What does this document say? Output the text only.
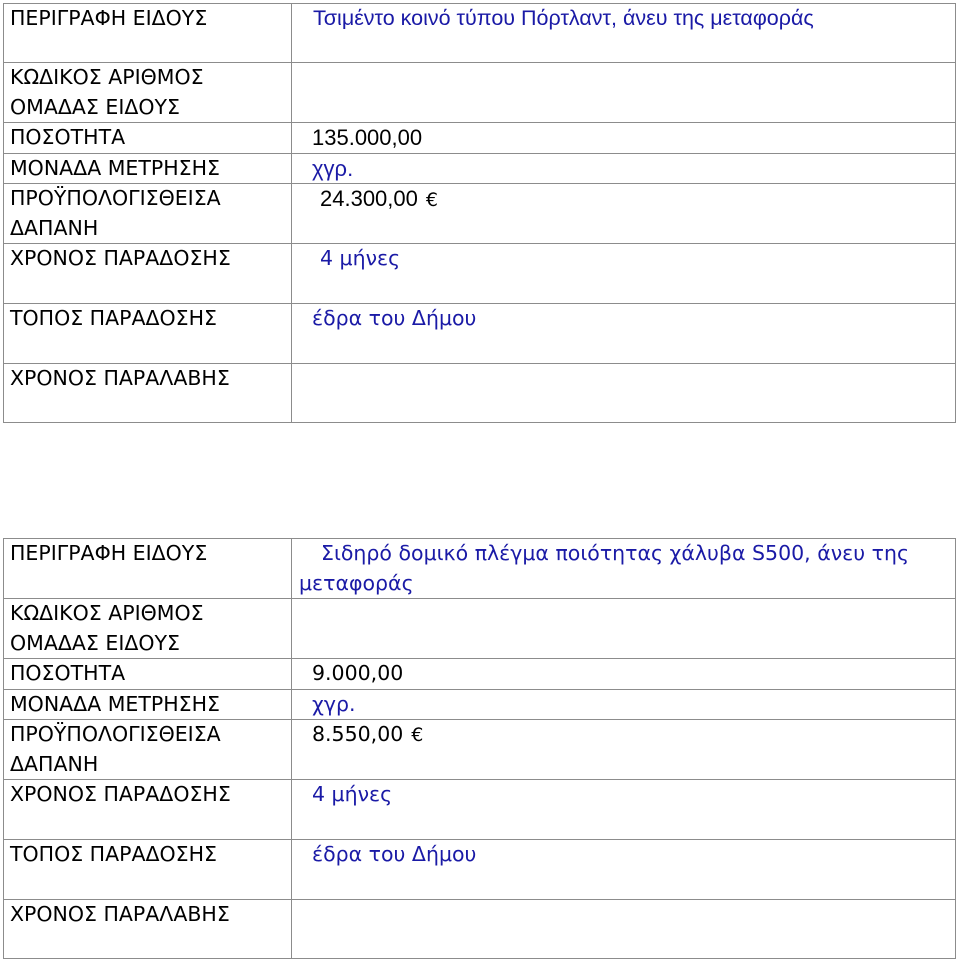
ΠΕΡΙΓΡΑΦΗ ΕΙΔΟΥΣ	Τσιμέντο κοινό τύπου Πόρτλαντ, άνευ της μεταφοράς

ΚΩΔΙΚΟΣ ΑΡΙΘΜΟΣ ΟΜΑΔΑΣ ΕΙΔΟΥΣ	
ΠΟΣΟΤΗΤΑ	135.000,00

ΜΟΝΑΔΑ ΜΕΤΡΗΣΗΣ	χγρ.

ΠΡΟΫΠΟΛΟΓΙΣΘΕΙΣΑ ΔΑΠΑΝΗ	24.300,00 €
ΧΡΟΝΟΣ ΠΑΡΑΔΟΣΗΣ	4 μήνες

ΤΟΠΟΣ ΠΑΡΑΔΟΣΗΣ	έδρα του Δήμου

ΧΡΟΝΟΣ ΠΑΡΑΛΑΒΗΣ	
ΠΕΡΙΓΡΑΦΗ ΕΙΔΟΥΣ	Σιδηρό δομικό πλέγμα ποιότητας χάλυβα S500, άνευ της
μεταφοράς

ΚΩΔΙΚΟΣ ΑΡΙΘΜΟΣ ΟΜΑΔΑΣ ΕΙΔΟΥΣ	
ΠΟΣΟΤΗΤΑ	9.000,00

ΜΟΝΑΔΑ ΜΕΤΡΗΣΗΣ	χγρ.

ΠΡΟΫΠΟΛΟΓΙΣΘΕΙΣΑ ΔΑΠΑΝΗ	8.550,00 €
ΧΡΟΝΟΣ ΠΑΡΑΔΟΣΗΣ	4 μήνες

ΤΟΠΟΣ ΠΑΡΑΔΟΣΗΣ	έδρα του Δήμου

ΧΡΟΝΟΣ ΠΑΡΑΛΑΒΗΣ	
